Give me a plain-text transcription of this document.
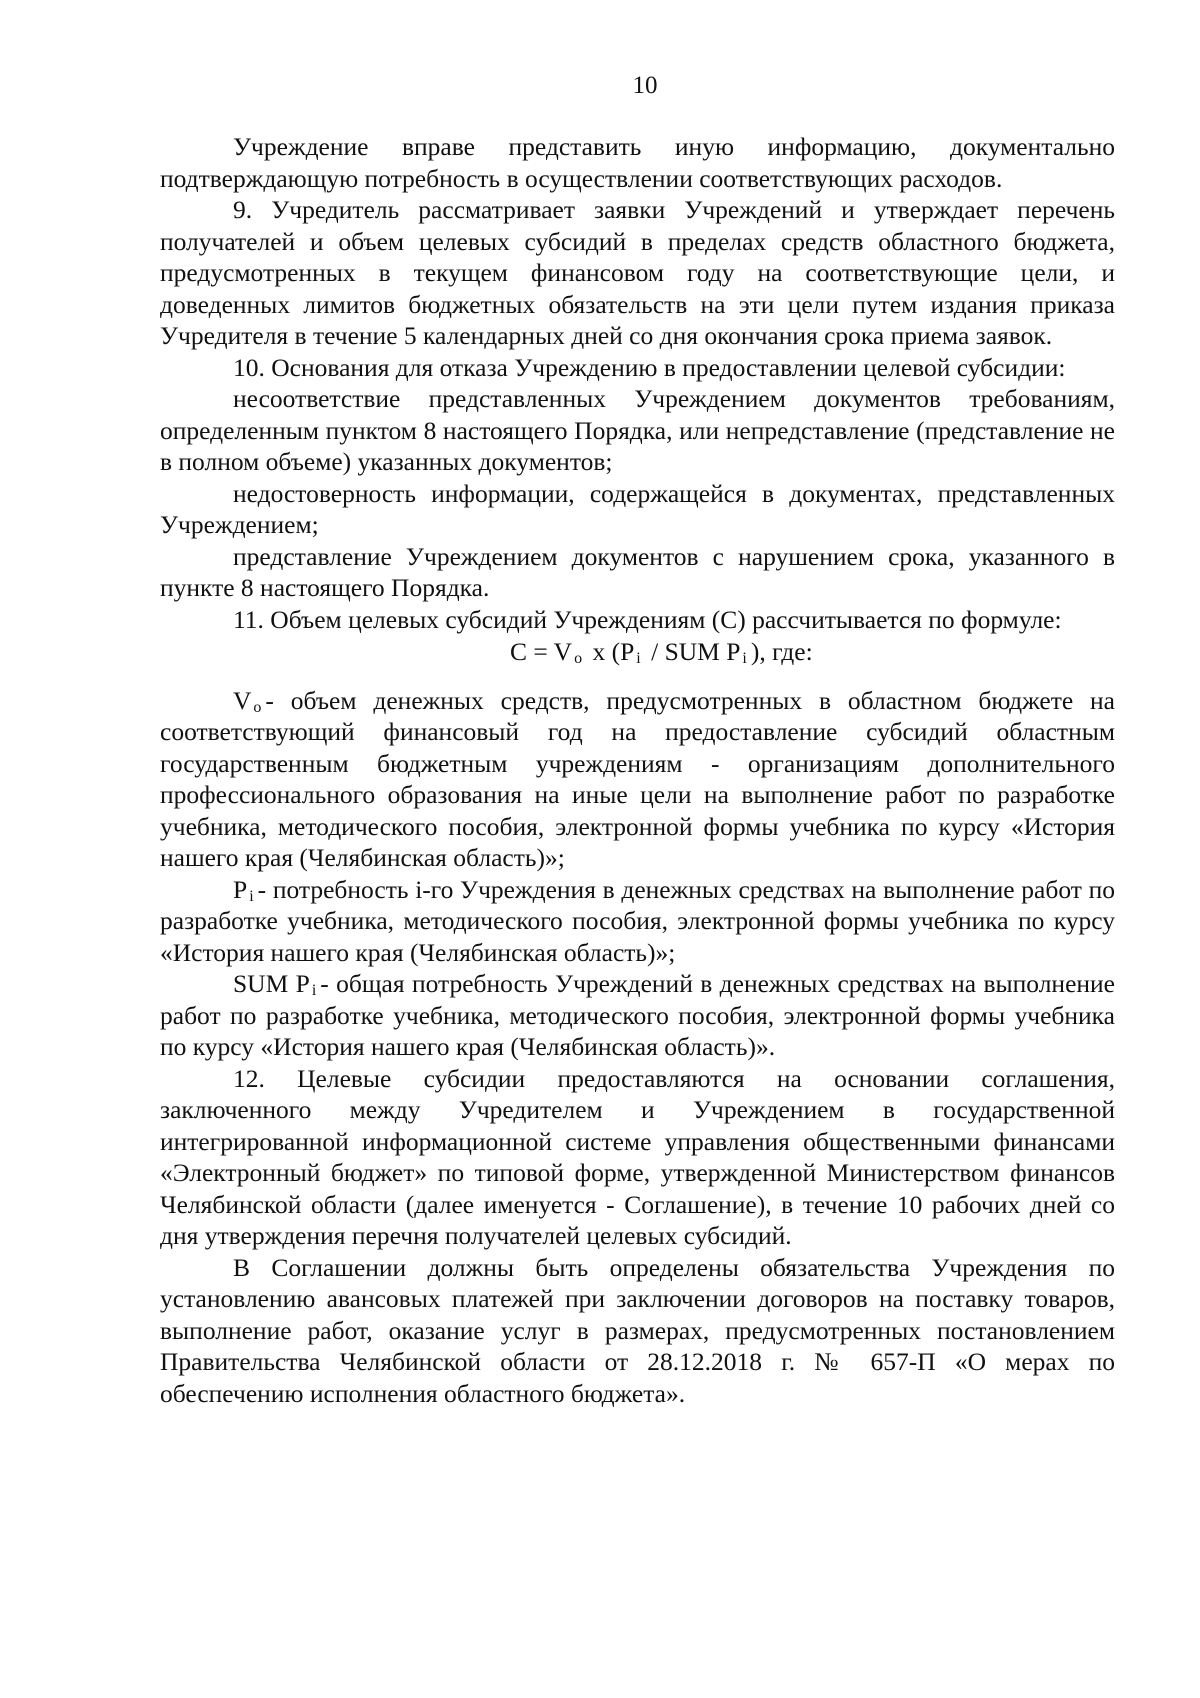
10

Учреждение вправе представить иную информацию, документально подтверждающую потребность в осуществлении соответствующих расходов.

9. Учредитель рассматривает заявки Учреждений и утверждает перечень получателей и объем целевых субсидий в пределах средств областного бюджета, предусмотренных в текущем финансовом году на соответствующие цели, и доведенных лимитов бюджетных обязательств на эти цели путем издания приказа Учредителя в течение 5 календарных дней со дня окончания срока приема заявок.

10. Основания для отказа Учреждению в предоставлении целевой субсидии:

несоответствие представленных Учреждением документов требованиям, определенным пунктом 8 настоящего Порядка, или непредставление (представление не в полном объеме) указанных документов;

недостоверность информации, содержащейся в документах, представленных Учреждением;

представление Учреждением документов с нарушением срока, указанного в пункте 8 настоящего Порядка.

11. Объем целевых субсидий Учреждениям (С) рассчитывается по формуле:

C = V $_o$ x (P $_i$ / SUM P $_i$ ), где:

V $_o$ - объем денежных средств, предусмотренных в областном бюджете на соответствующий финансовый год на предоставление субсидий областным государственным бюджетным учреждениям - организациям дополнительного профессионального образования на иные цели на выполнение работ по разработке учебника, методического пособия, электронной формы учебника по курсу «История нашего края (Челябинская область)»;

P $_i$ - потребность i-го Учреждения в денежных средствах на выполнение работ по разработке учебника, методического пособия, электронной формы учебника по курсу «История нашего края (Челябинская область)»;

SUM P $_i$ - общая потребность Учреждений в денежных средствах на выполнение работ по разработке учебника, методического пособия, электронной формы учебника по курсу «История нашего края (Челябинская область)».

12. Целевые субсидии предоставляются на основании соглашения, заключенного между Учредителем и Учреждением в государственной интегрированной информационной системе управления общественными финансами «Электронный бюджет» по типовой форме, утвержденной Министерством финансов Челябинской области (далее именуется - Соглашение), в течение 10 рабочих дней со дня утверждения перечня получателей целевых субсидий.

В Соглашении должны быть определены обязательства Учреждения по установлению авансовых платежей при заключении договоров на поставку товаров, выполнение работ, оказание услуг в размерах, предусмотренных постановлением Правительства Челябинской области от 28.12.2018 г. № 657-П «О мерах по обеспечению исполнения областного бюджета».
